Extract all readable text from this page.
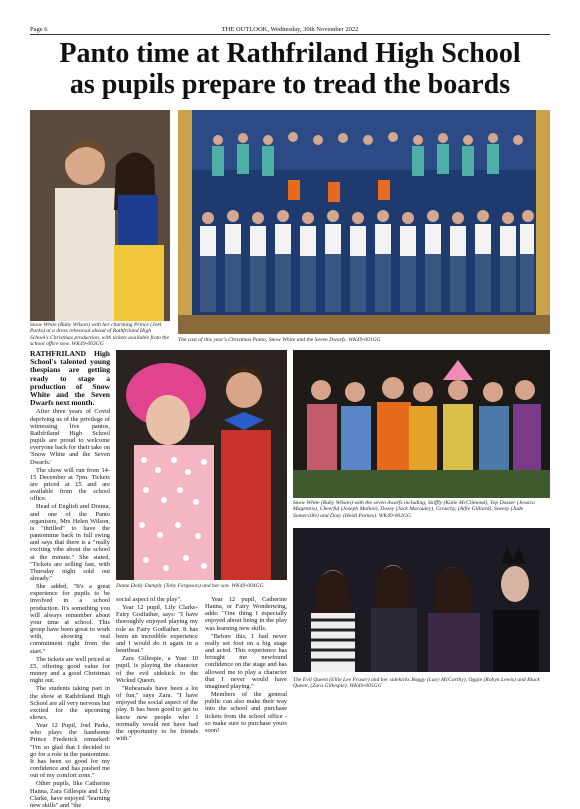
Page 6	THE OUTLOOK, Wednesday, 30th November 2022
Panto time at Rathfriland High School
as pupils prepare to tread the boards
Snow White (Ruby Wilson) with her charming Prince (Joel Parks) at a dress rehearsal ahead of Rathfriland High School's Christmas production, with tickets available from the school office now. WK49-003GG
The cast of this year's Christmas Panto, Snow White and the Seven Dwarfs. WK49-001GG

RATHFRILAND High School's talented young thespians are getting ready to stage a production of Snow White and the Seven Dwarfs next month.

After three years of Covid depriving us of the privilege of witnessing live pantos, Rathfriland High School pupils are proud to welcome everyone back for their take on 'Snow White and the Seven Dwarfs.'

The show will run from 14-15 December at 7pm. Tickets are priced at £5 and are available from the school office.

Head of English and Drama, and one of the Panto organisers, Mrs Helen Wilson, is "thrilled" to have the pantomime back in full swing and says that there is a "really exciting vibe about the school at the minute." She stated, "Tickets are selling fast, with Thursday night sold out already."

She added, "It's a great experience for pupils to be involved in a school production. It's something you will always remember about your time at school. This group have been great to work with, showing real commitment right from the start."

The tickets are well priced at £5, offering good value for money and a good Christmas night out.

The students taking part in the show at Rathfriland High School are all very nervous but excited for the upcoming shows.

Year 12 Pupil, Joel Parks, who plays the handsome Prince Frederick remarked: "I'm so glad that I decided to go for a role in the pantomime. It has been so good for my confidence and has pushed me out of my comfort zone."

Other pupils, like Catherine Hanna, Zara Gillespie and Lily Clarke, have enjoyed "learning new skills" and "the

Dame Dolly Dumply (Toby Ferguson) and her son. WK49-004GG

social aspect of the play".

Year 12 pupil, Lily Clarke-Fairy Godfather, says: "I have thoroughly enjoyed playing my role as Fairy Godfather. It has been an incredible experience and I would do it again in a heartbeat."

Zara Gillespie, a Year 10 pupil, is playing the character of the evil sidekick to the Wicked Queen.

"Rehearsals have been a lot of fun," says Zara. "I have enjoyed the social aspect of the play. It has been good to get to know new people who I normally would not have had the opportunity to be friends with."

Year 12 pupil, Catherine Hanna, or Fairy Wonderwing, adds: "One thing I especially enjoyed about being in the play was learning new skills.

"Before this, I had never really set foot on a big stage and acted. This experience has brought me newfound confidence on the stage and has allowed me to play a character that I never would have imagined playing."

Members of the general public can also make their way into the school and purchase tickets from the school office - so make sure to purchase yours soon!

Snow White (Ruby Wilson) with the seven dwarfs including, Sniffly (Katie McClimond), Top Dozzer (Jessica Magennis), Cheerful (Joseph Mallon), Dozey (Jack Macauley), Grouchy, (Alfie Gilliard), Sneezy (Jude Somerville) and Dozy (Heidi Parkes). WK49-002GG
The Evil Queen (Ellie Lee Fraser) and her sidekicks Boggy (Lucy McCarthy), Oggie (Robyn Lewis) and Black Queen, (Zara Gillespie). WK49-005GG
